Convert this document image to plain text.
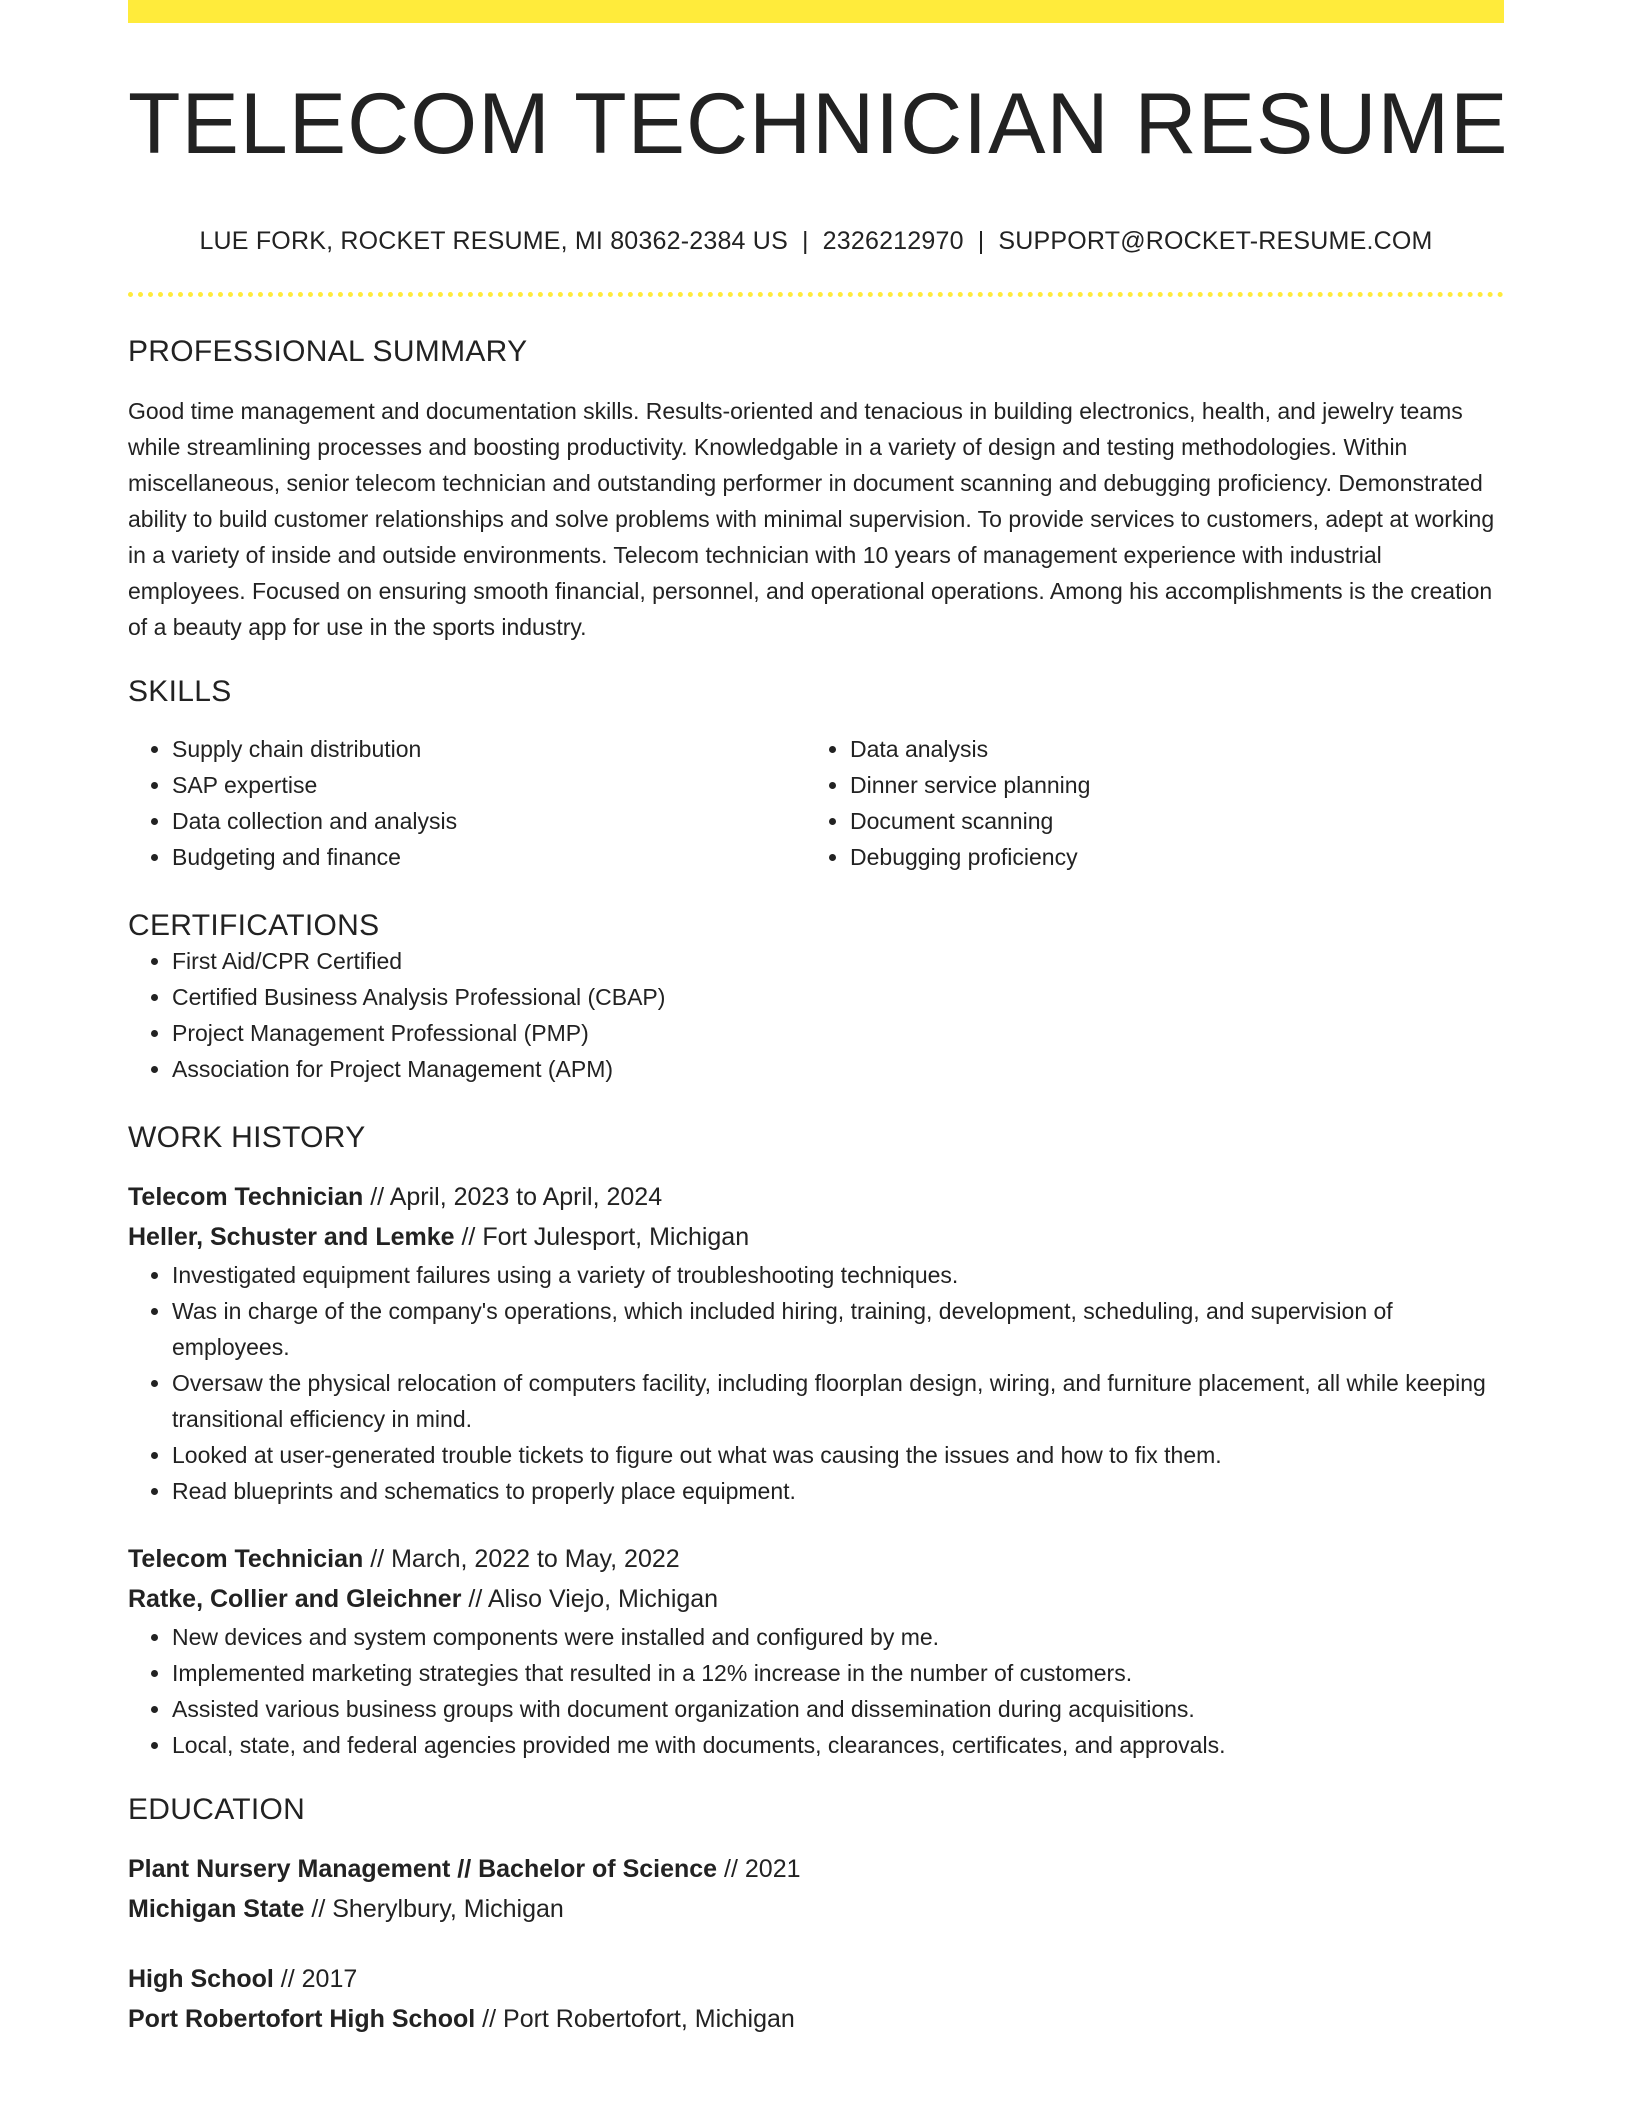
TELECOM TECHNICIAN RESUME
LUE FORK, ROCKET RESUME, MI 80362-2384 US | 2326212970 | SUPPORT@ROCKET-RESUME.COM
PROFESSIONAL SUMMARY
Good time management and documentation skills. Results-oriented and tenacious in building electronics, health, and jewelry teams while streamlining processes and boosting productivity. Knowledgable in a variety of design and testing methodologies. Within miscellaneous, senior telecom technician and outstanding performer in document scanning and debugging proficiency. Demonstrated ability to build customer relationships and solve problems with minimal supervision. To provide services to customers, adept at working in a variety of inside and outside environments. Telecom technician with 10 years of management experience with industrial employees. Focused on ensuring smooth financial, personnel, and operational operations. Among his accomplishments is the creation of a beauty app for use in the sports industry.
SKILLS
• Supply chain distribution
• SAP expertise
• Data collection and analysis
• Budgeting and finance
• Data analysis
• Dinner service planning
• Document scanning
• Debugging proficiency
CERTIFICATIONS
• First Aid/CPR Certified
• Certified Business Analysis Professional (CBAP)
• Project Management Professional (PMP)
• Association for Project Management (APM)
WORK HISTORY
Telecom Technician // April, 2023 to April, 2024
Heller, Schuster and Lemke // Fort Julesport, Michigan
• Investigated equipment failures using a variety of troubleshooting techniques.
• Was in charge of the company's operations, which included hiring, training, development, scheduling, and supervision of employees.
• Oversaw the physical relocation of computers facility, including floorplan design, wiring, and furniture placement, all while keeping transitional efficiency in mind.
• Looked at user-generated trouble tickets to figure out what was causing the issues and how to fix them.
• Read blueprints and schematics to properly place equipment.
Telecom Technician // March, 2022 to May, 2022
Ratke, Collier and Gleichner // Aliso Viejo, Michigan
• New devices and system components were installed and configured by me.
• Implemented marketing strategies that resulted in a 12% increase in the number of customers.
• Assisted various business groups with document organization and dissemination during acquisitions.
• Local, state, and federal agencies provided me with documents, clearances, certificates, and approvals.
EDUCATION
Plant Nursery Management // Bachelor of Science // 2021
Michigan State // Sherylbury, Michigan
High School // 2017
Port Robertofort High School // Port Robertofort, Michigan
